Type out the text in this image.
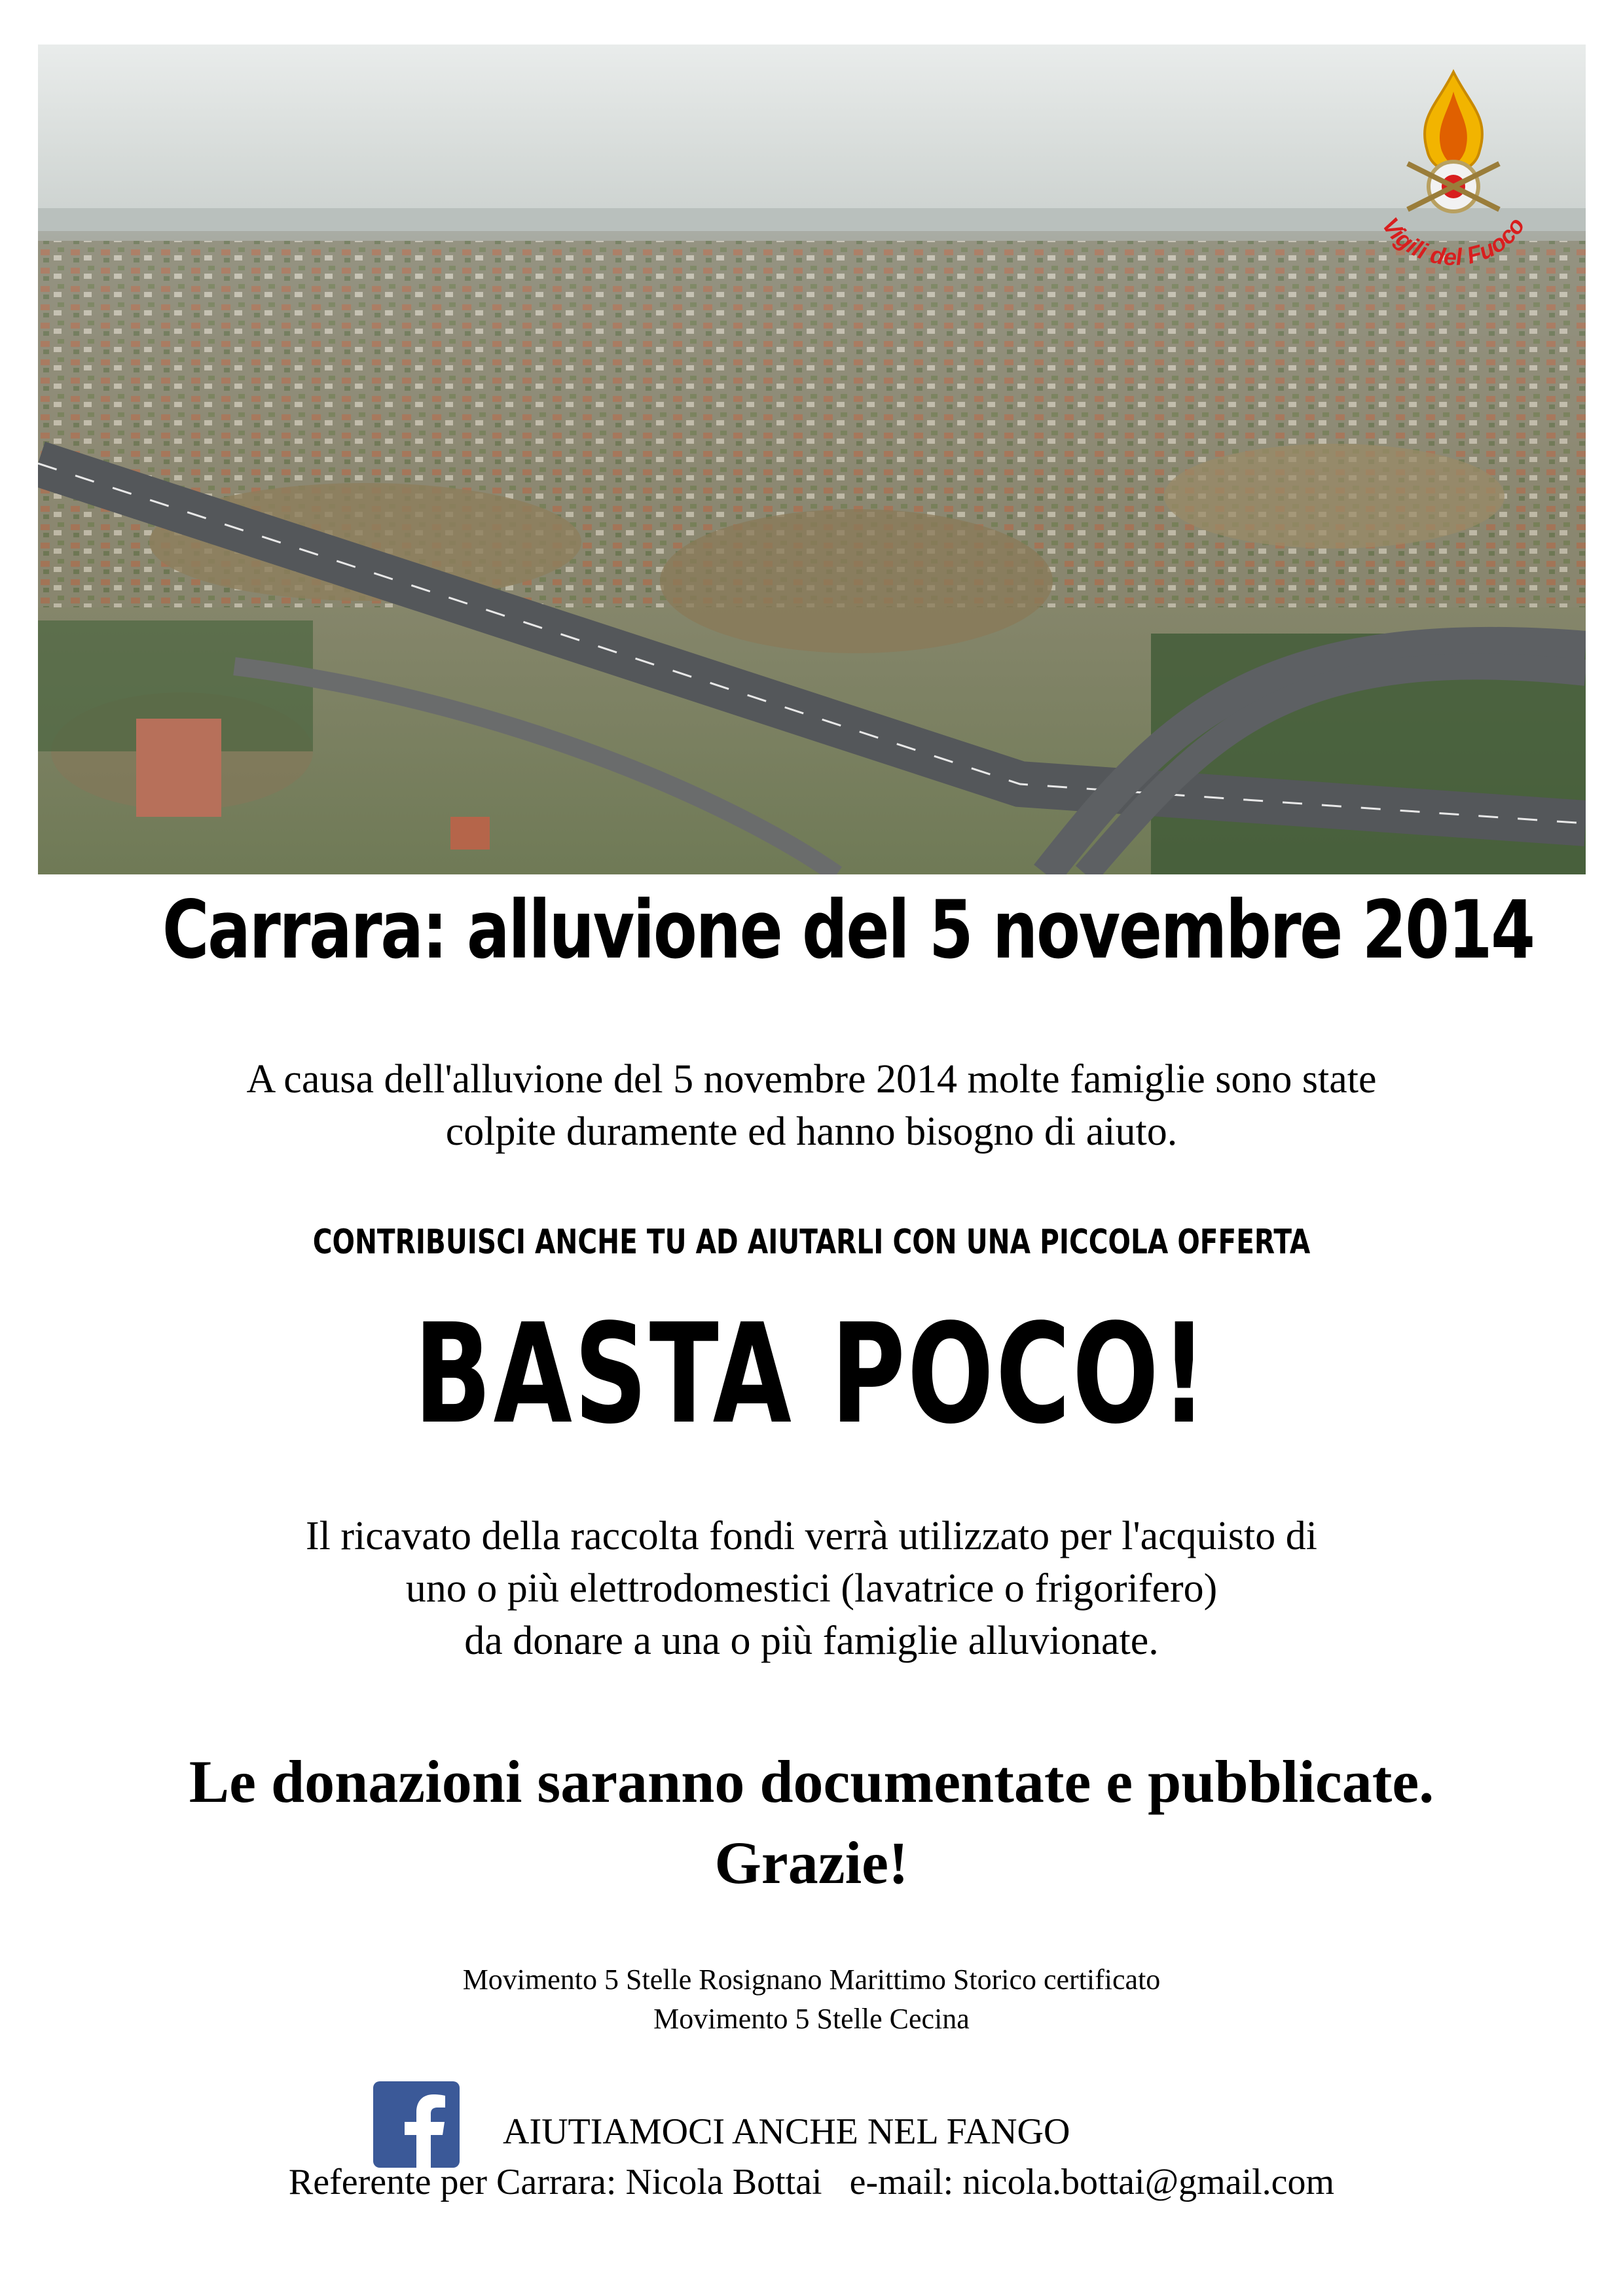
Vigili del Fuoco
Carrara: alluvione del 5 novembre 2014
A causa dell'alluvione del 5 novembre 2014 molte famiglie sono state
colpite duramente ed hanno bisogno di aiuto.
CONTRIBUISCI ANCHE TU AD AIUTARLI CON UNA PICCOLA OFFERTA
BASTA POCO!
Il ricavato della raccolta fondi verrà utilizzato per l'acquisto di
uno o più elettrodomestici (lavatrice o frigorifero)
da donare a una o più famiglie alluvionate.
Le donazioni saranno documentate e pubblicate.
Grazie!
Movimento 5 Stelle Rosignano Marittimo Storico certificato
Movimento 5 Stelle Cecina
AIUTIAMOCI ANCHE NEL FANGO
Referente per Carrara: Nicola Bottai e-mail: nicola.bottai@gmail.com
